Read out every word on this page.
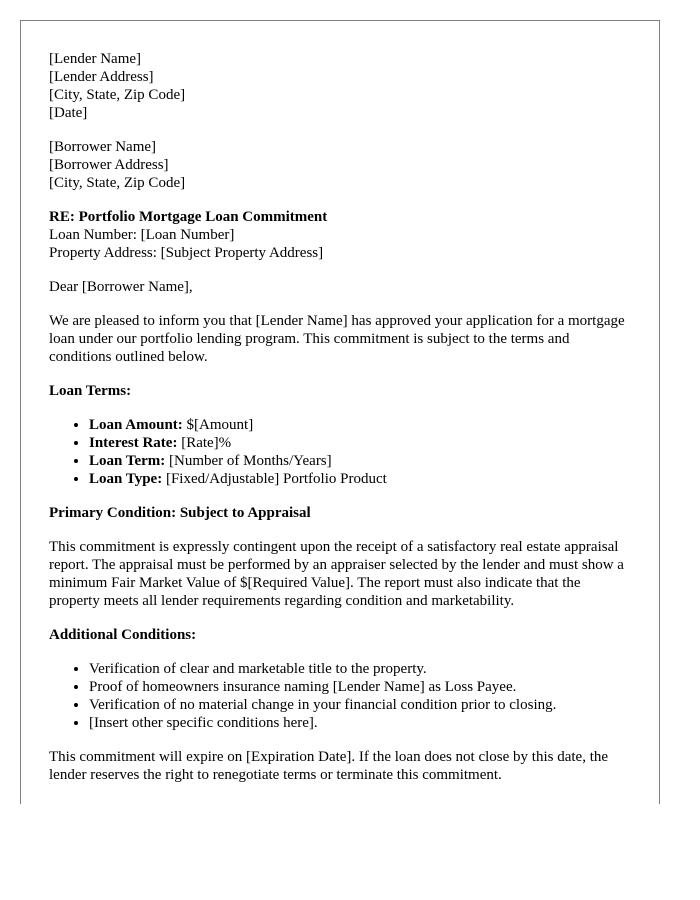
[Lender Name]
[Lender Address]
[City, State, Zip Code]
[Date]
[Borrower Name]
[Borrower Address]
[City, State, Zip Code]
RE: Portfolio Mortgage Loan Commitment
Loan Number: [Loan Number]
Property Address: [Subject Property Address]

Dear [Borrower Name],

We are pleased to inform you that [Lender Name] has approved your application for a mortgage loan under our portfolio lending program. This commitment is subject to the terms and conditions outlined below.

Loan Terms:

• Loan Amount: $[Amount]
• Interest Rate: [Rate]%
• Loan Term: [Number of Months/Years]
• Loan Type: [Fixed/Adjustable] Portfolio Product

Primary Condition: Subject to Appraisal

This commitment is expressly contingent upon the receipt of a satisfactory real estate appraisal report. The appraisal must be performed by an appraiser selected by the lender and must show a minimum Fair Market Value of $[Required Value]. The report must also indicate that the property meets all lender requirements regarding condition and marketability.

Additional Conditions:

• Verification of clear and marketable title to the property.
• Proof of homeowners insurance naming [Lender Name] as Loss Payee.
• Verification of no material change in your financial condition prior to closing.
• [Insert other specific conditions here].

This commitment will expire on [Expiration Date]. If the loan does not close by this date, the lender reserves the right to renegotiate terms or terminate this commitment.
